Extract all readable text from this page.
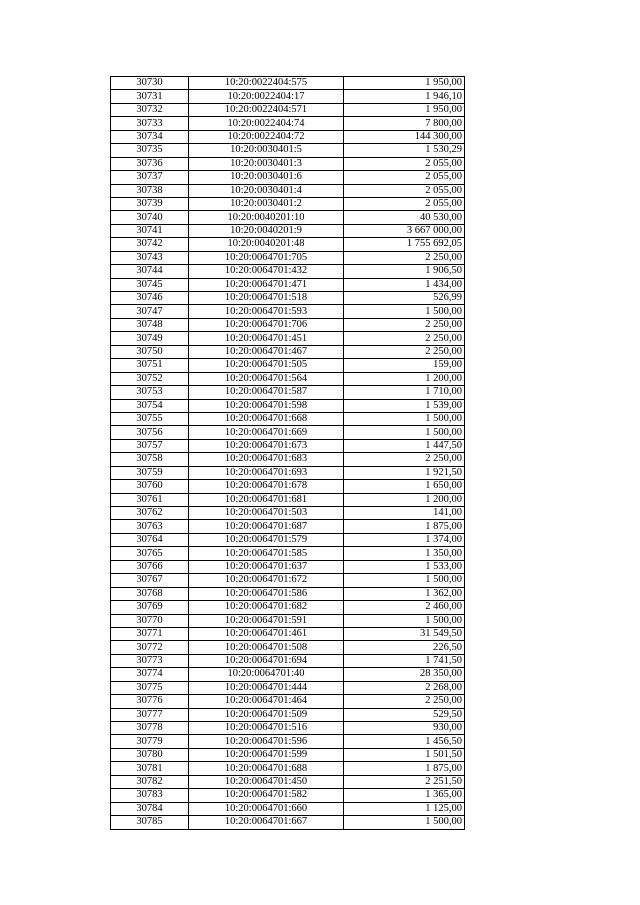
30730	10:20:0022404:575	1 950,00
30731	10:20:0022404:17	1 946,10
30732	10:20:0022404:571	1 950,00
30733	10:20:0022404:74	7 800,00
30734	10:20:0022404:72	144 300,00
30735	10:20:0030401:5	1 530,29
30736	10:20:0030401:3	2 055,00
30737	10:20:0030401:6	2 055,00
30738	10:20:0030401:4	2 055,00
30739	10:20:0030401:2	2 055,00
30740	10:20:0040201:10	40 530,00
30741	10:20:0040201:9	3 667 000,00
30742	10:20:0040201:48	1 755 692,05
30743	10:20:0064701:705	2 250,00
30744	10:20:0064701:432	1 906,50
30745	10:20:0064701:471	1 434,00
30746	10:20:0064701:518	526,99
30747	10:20:0064701:593	1 500,00
30748	10:20:0064701:706	2 250,00
30749	10:20:0064701:451	2 250,00
30750	10:20:0064701:467	2 250,00
30751	10:20:0064701:505	159,00
30752	10:20:0064701:564	1 200,00
30753	10:20:0064701:587	1 710,00
30754	10:20:0064701:598	1 539,00
30755	10:20:0064701:668	1 500,00
30756	10:20:0064701:669	1 500,00
30757	10:20:0064701:673	1 447,50
30758	10:20:0064701:683	2 250,00
30759	10:20:0064701:693	1 921,50
30760	10:20:0064701:678	1 650,00
30761	10:20:0064701:681	1 200,00
30762	10:20:0064701:503	141,00
30763	10:20:0064701:687	1 875,00
30764	10:20:0064701:579	1 374,00
30765	10:20:0064701:585	1 350,00
30766	10:20:0064701:637	1 533,00
30767	10:20:0064701:672	1 500,00
30768	10:20:0064701:586	1 362,00
30769	10:20:0064701:682	2 460,00
30770	10:20:0064701:591	1 500,00
30771	10:20:0064701:461	31 549,50
30772	10:20:0064701:508	226,50
30773	10:20:0064701:694	1 741,50
30774	10:20:0064701:40	28 350,00
30775	10:20:0064701:444	2 268,00
30776	10:20:0064701:464	2 250,00
30777	10:20:0064701:509	529,50
30778	10:20:0064701:516	930,00
30779	10:20:0064701:596	1 456,50
30780	10:20:0064701:599	1 501,50
30781	10:20:0064701:688	1 875,00
30782	10:20:0064701:450	2 251,50
30783	10:20:0064701:582	1 365,00
30784	10:20:0064701:660	1 125,00
30785	10:20:0064701:667	1 500,00
